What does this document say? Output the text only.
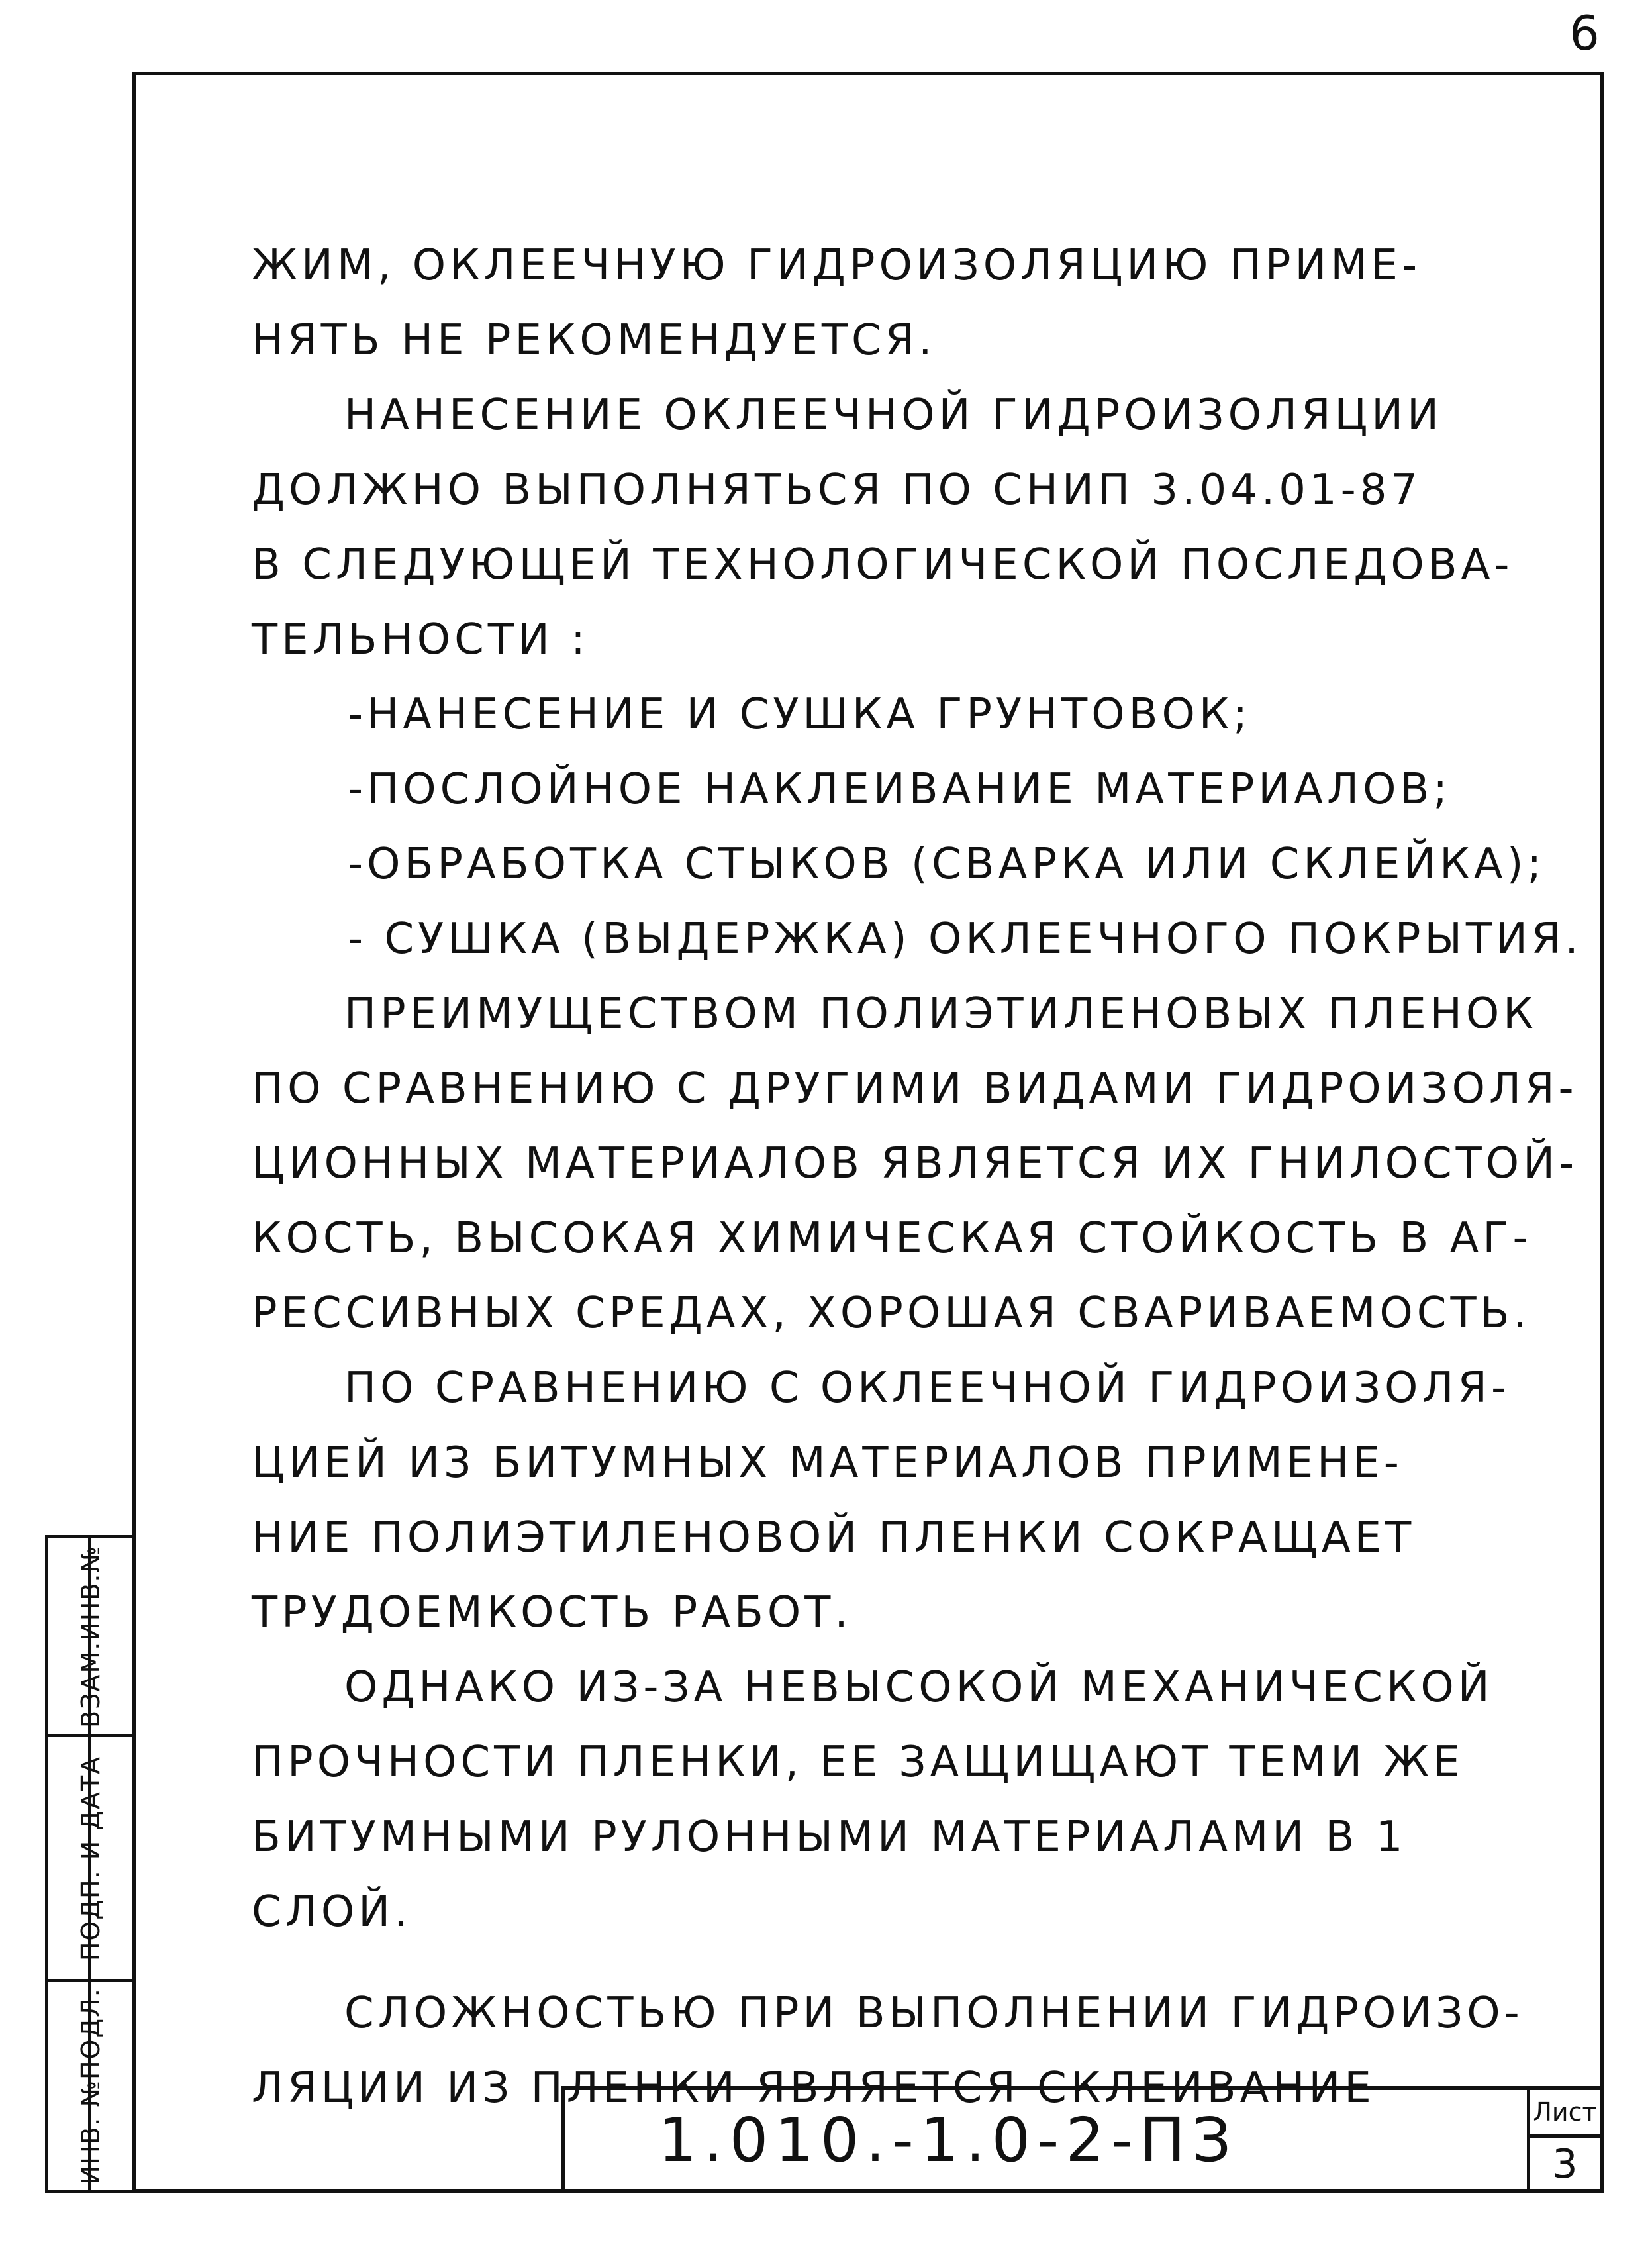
6
ЖИМ, ОКЛЕЕЧНУЮ ГИДРОИЗОЛЯЦИЮ ПРИМЕ-
НЯТЬ НЕ РЕКОМЕНДУЕТСЯ.
НАНЕСЕНИЕ ОКЛЕЕЧНОЙ ГИДРОИЗОЛЯЦИИ
ДОЛЖНО ВЫПОЛНЯТЬСЯ ПО СНИП 3.04.01-87
В СЛЕДУЮЩЕЙ ТЕХНОЛОГИЧЕСКОЙ ПОСЛЕДОВА-
ТЕЛЬНОСТИ :
-НАНЕСЕНИЕ И СУШКА ГРУНТОВОК;
-ПОСЛОЙНОЕ НАКЛЕИВАНИЕ МАТЕРИАЛОВ;
-ОБРАБОТКА СТЫКОВ (СВАРКА ИЛИ СКЛЕЙКА);
- СУШКА (ВЫДЕРЖКА) ОКЛЕЕЧНОГО ПОКРЫТИЯ.
ПРЕИМУЩЕСТВОМ ПОЛИЭТИЛЕНОВЫХ ПЛЕНОК
ПО СРАВНЕНИЮ С ДРУГИМИ ВИДАМИ ГИДРОИЗОЛЯ-
ЦИОННЫХ МАТЕРИАЛОВ ЯВЛЯЕТСЯ ИХ ГНИЛОСТОЙ-
КОСТЬ, ВЫСОКАЯ ХИМИЧЕСКАЯ СТОЙКОСТЬ В АГ-
РЕССИВНЫХ СРЕДАХ, ХОРОШАЯ СВАРИВАЕМОСТЬ.
ПО СРАВНЕНИЮ С ОКЛЕЕЧНОЙ ГИДРОИЗОЛЯ-
ЦИЕЙ ИЗ БИТУМНЫХ МАТЕРИАЛОВ ПРИМЕНЕ-
НИЕ ПОЛИЭТИЛЕНОВОЙ ПЛЕНКИ СОКРАЩАЕТ
ТРУДОЕМКОСТЬ РАБОТ.
ОДНАКО ИЗ-ЗА НЕВЫСОКОЙ МЕХАНИЧЕСКОЙ
ПРОЧНОСТИ ПЛЕНКИ, ЕЕ ЗАЩИЩАЮТ ТЕМИ ЖЕ
БИТУМНЫМИ РУЛОННЫМИ МАТЕРИАЛАМИ В 1
СЛОЙ.
СЛОЖНОСТЬЮ ПРИ ВЫПОЛНЕНИИ ГИДРОИЗО-
ЛЯЦИИ ИЗ ПЛЕНКИ ЯВЛЯЕТСЯ СКЛЕИВАНИЕ
ВЗАМ.ИНВ.№
ПОДП. И ДАТА
ИНВ. №ПОДЛ.	1.010.-1.0-2-ПЗ	Лист
3
